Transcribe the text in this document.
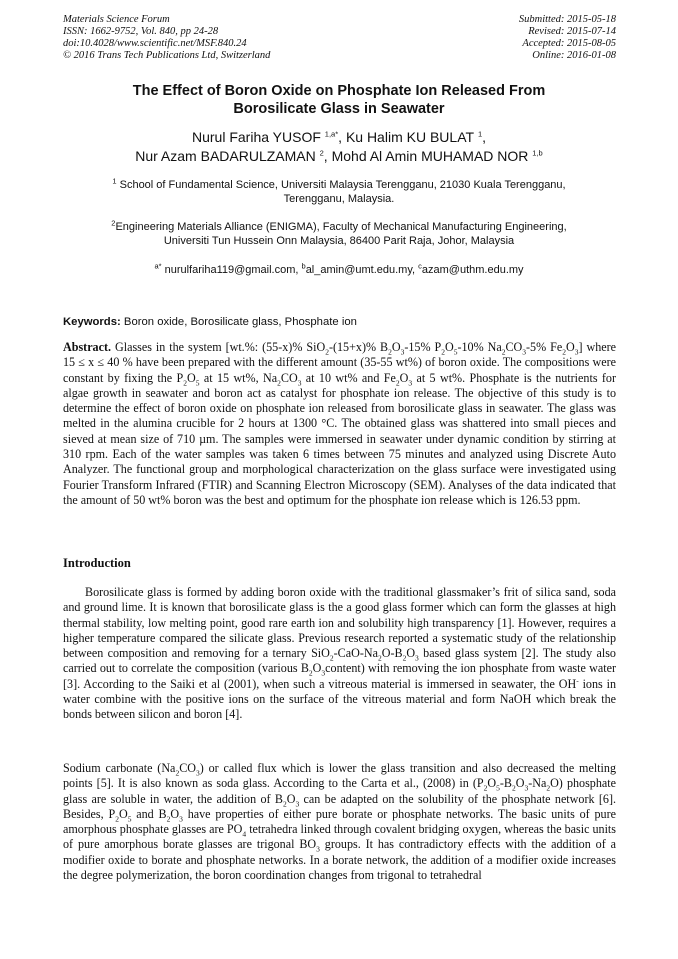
Materials Science Forum
ISSN: 1662-9752, Vol. 840, pp 24-28
doi:10.4028/www.scientific.net/MSF.840.24
© 2016 Trans Tech Publications Ltd, Switzerland
Submitted: 2015-05-18
Revised: 2015-07-14
Accepted: 2015-08-05
Online: 2016-01-08
The Effect of Boron Oxide on Phosphate Ion Released From
Borosilicate Glass in Seawater
Nurul Fariha YUSOF $^{1,a*}$, Ku Halim KU BULAT $^1$,
Nur Azam BADARULZAMAN $^2$, Mohd Al Amin MUHAMAD NOR $^{1,b}$
$^1$ School of Fundamental Science, Universiti Malaysia Terengganu, 21030 Kuala Terengganu,
Terengganu, Malaysia.
$^2$Engineering Materials Alliance (ENIGMA), Faculty of Mechanical Manufacturing Engineering,
Universiti Tun Hussein Onn Malaysia, 86400 Parit Raja, Johor, Malaysia
$^{a*}$ nurulfariha119@gmail.com, $^b$al_amin@umt.edu.my, $^c$azam@uthm.edu.my
Keywords: Boron oxide, Borosilicate glass, Phosphate ion
Abstract. Glasses in the system [wt.%: (55-x)% SiO$_2$-(15+x)% $B_2O_3-15\%$ $P_2O_5-10\%$ $Na_2CO_3-5\%$ $Fe_2O_3$] where 15 ≤ x ≤ 40 % have been prepared with the different amount (35-55 wt%) of boron oxide. The compositions were constant by fixing the $P_2O_5$ at 15 wt%, $Na_2CO_3$ at 10 wt% and $Fe_2O_3$ at 5 wt%. Phosphate is the nutrients for algae growth in seawater and boron act as catalyst for phosphate ion release. The objective of this study is to determine the effect of boron oxide on phosphate ion released from borosilicate glass in seawater. The glass was melted in the alumina crucible for 2 hours at 1300 °C. The obtained glass was shattered into small pieces and sieved at mean size of 710 µm. The samples were immersed in seawater under dynamic condition by stirring at 310 rpm. Each of the water samples was taken 6 times between 75 minutes and analyzed using Discrete Auto Analyzer. The functional group and morphological characterization on the glass surface were investigated using Fourier Transform Infrared (FTIR) and Scanning Electron Microscopy (SEM). Analyses of the data indicated that the amount of 50 wt% boron was the best and optimum for the phosphate ion release which is 126.53 ppm.
Introduction
Borosilicate glass is formed by adding boron oxide with the traditional glassmaker’s frit of silica sand, soda and ground lime. It is known that borosilicate glass is the a good glass former which can form the glasses at high thermal stability, low melting point, good rare earth ion and solubility high transparency [1]. However, requires a higher temperature compared the silicate glass. Previous research reported a systematic study of the relationship between composition and removing for a ternary $SiO_2-CaO-Na_2O-B_2O_3$ based glass system [2]. The study also carried out to correlate the composition (various $B_2O_3content$) with removing the ion phosphate from waste water [3]. According to the Saiki et al (2001), when such a vitreous material is immersed in seawater, the OH- ions in water combine with the positive ions on the surface of the vitreous material and form NaOH which break the bonds between silicon and boron [4].
Sodium carbonate $(Na_2CO_3)$ or called flux which is lower the glass transition and also decreased the melting points [5]. It is also known as soda glass. According to the Carta et al., (2008) in $(P_2O_5-B_2O_3-Na_2O)$ phosphate glass are soluble in water, the addition of $B_2O_3$ can be adapted on the solubility of the phosphate network [6]. Besides, $P_2O_5$ and $B_2O_3$ have properties of either pure borate or phosphate networks. The basic units of pure amorphous phosphate glasses are $PO_4$ tetrahedra linked through covalent bridging oxygen, whereas the basic units of pure amorphous borate glasses are trigonal $BO_3$ groups. It has contradictory effects with the addition of a modifier oxide to borate and phosphate networks. In a borate network, the addition of a modifier oxide increases the degree polymerization, the boron coordination changes from trigonal to tetrahedral
